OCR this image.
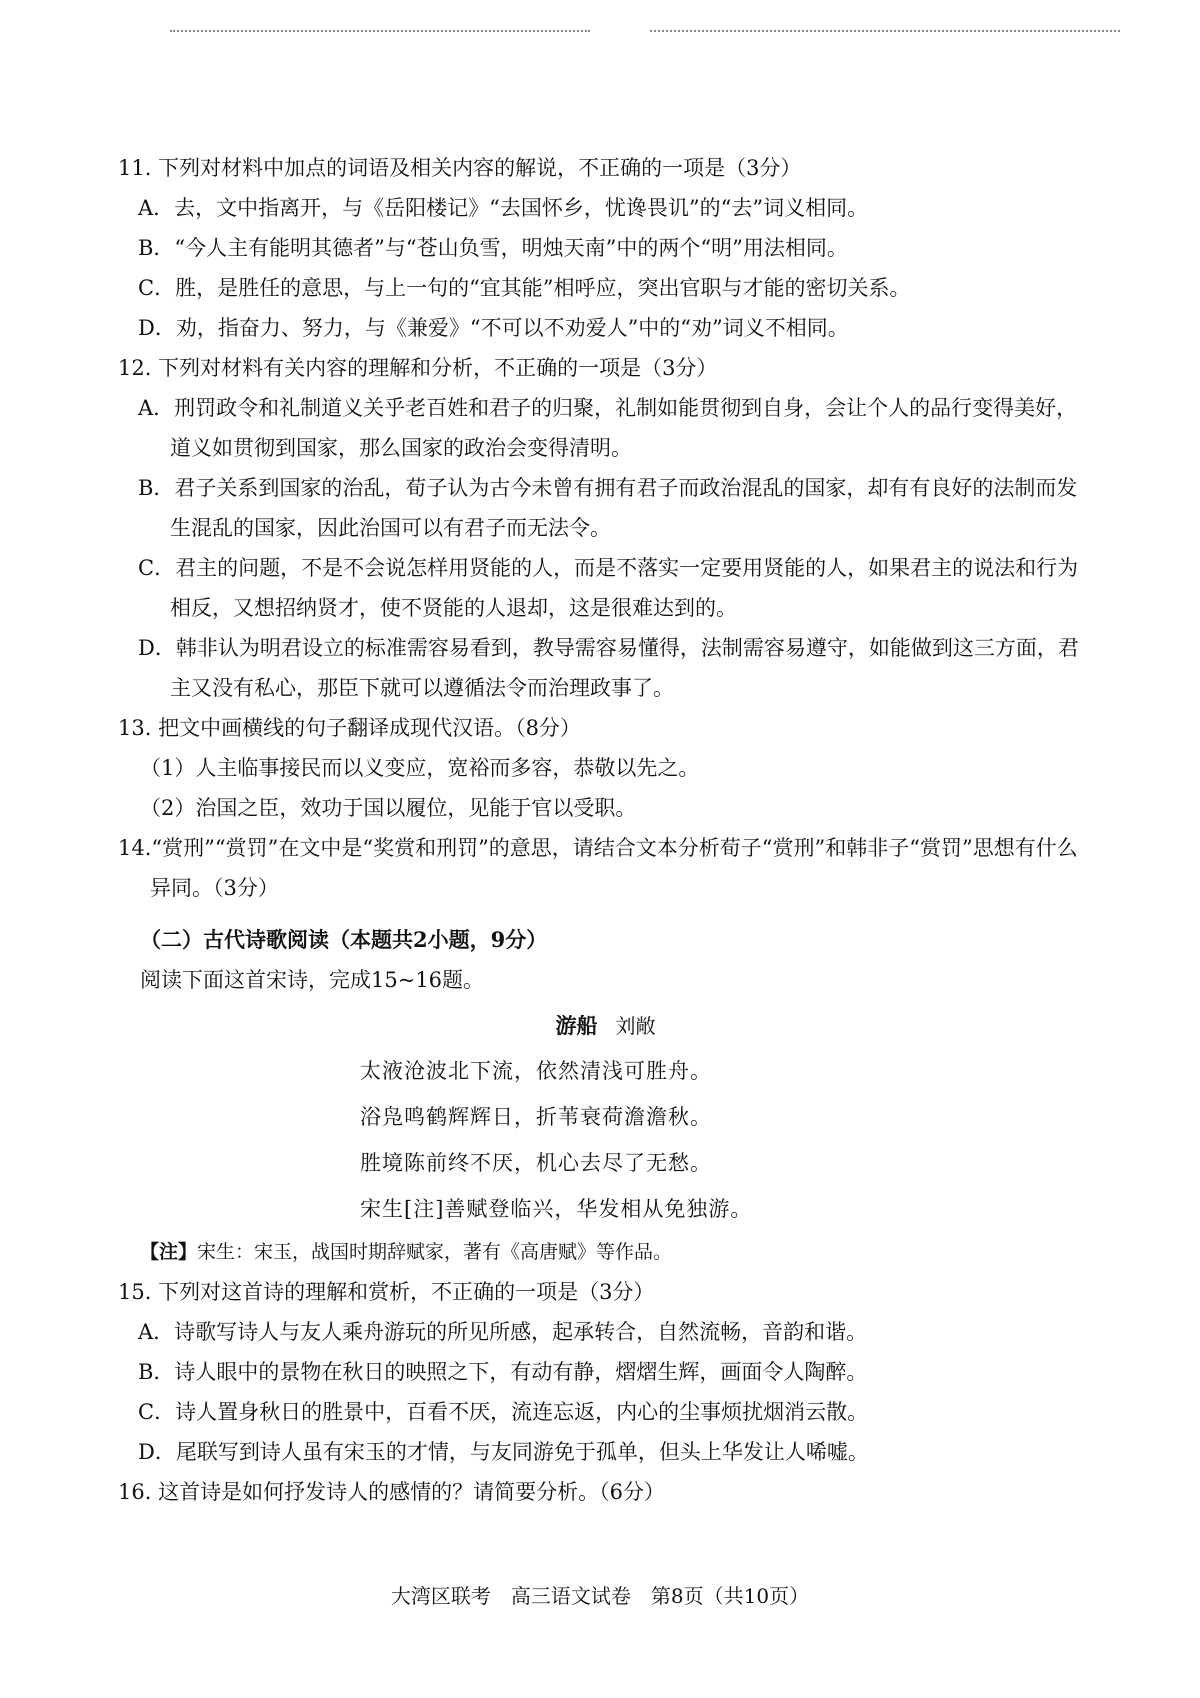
11. 下列对材料中加点的词语及相关内容的解说，不正确的一项是（3分）

A．去，文中指离开，与《岳阳楼记》“去国怀乡，忧谗畏讥”的“去”词义相同。

B．“今人主有能明其德者”与“苍山负雪，明烛天南”中的两个“明”用法相同。

C．胜，是胜任的意思，与上一句的“宜其能”相呼应，突出官职与才能的密切关系。

D．劝，指奋力、努力，与《兼爱》“不可以不劝爱人”中的“劝”词义不相同。

12. 下列对材料有关内容的理解和分析，不正确的一项是（3分）

A．刑罚政令和礼制道义关乎老百姓和君子的归聚，礼制如能贯彻到自身，会让个人的品行变得美好，道义如贯彻到国家，那么国家的政治会变得清明。

B．君子关系到国家的治乱，荀子认为古今未曾有拥有君子而政治混乱的国家，却有有良好的法制而发生混乱的国家，因此治国可以有君子而无法令。

C．君主的问题，不是不会说怎样用贤能的人，而是不落实一定要用贤能的人，如果君主的说法和行为相反，又想招纳贤才，使不贤能的人退却，这是很难达到的。

D．韩非认为明君设立的标准需容易看到，教导需容易懂得，法制需容易遵守，如能做到这三方面，君主又没有私心，那臣下就可以遵循法令而治理政事了。

13. 把文中画横线的句子翻译成现代汉语。（8分）

（1）人主临事接民而以义变应，宽裕而多容，恭敬以先之。

（2）治国之臣，效功于国以履位，见能于官以受职。

14.“赏刑”“赏罚”在文中是“奖赏和刑罚”的意思，请结合文本分析荀子“赏刑”和韩非子“赏罚”思想有什么异同。（3分）

（二）古代诗歌阅读（本题共2小题，9分）

阅读下面这首宋诗，完成15~16题。

游船 刘敞

太液沧波北下流，依然清浅可胜舟。

浴凫鸣鹤辉辉日，折苇衰荷澹澹秋。

胜境陈前终不厌，机心去尽了无愁。

宋生[注]善赋登临兴，华发相从免独游。

【注】宋生：宋玉，战国时期辞赋家，著有《高唐赋》等作品。

15. 下列对这首诗的理解和赏析，不正确的一项是（3分）

A．诗歌写诗人与友人乘舟游玩的所见所感，起承转合，自然流畅，音韵和谐。

B．诗人眼中的景物在秋日的映照之下，有动有静，熠熠生辉，画面令人陶醉。

C．诗人置身秋日的胜景中，百看不厌，流连忘返，内心的尘事烦扰烟消云散。

D．尾联写到诗人虽有宋玉的才情，与友同游免于孤单，但头上华发让人唏嘘。

16. 这首诗是如何抒发诗人的感情的？请简要分析。（6分）

大湾区联考　高三语文试卷　第8页（共10页）
